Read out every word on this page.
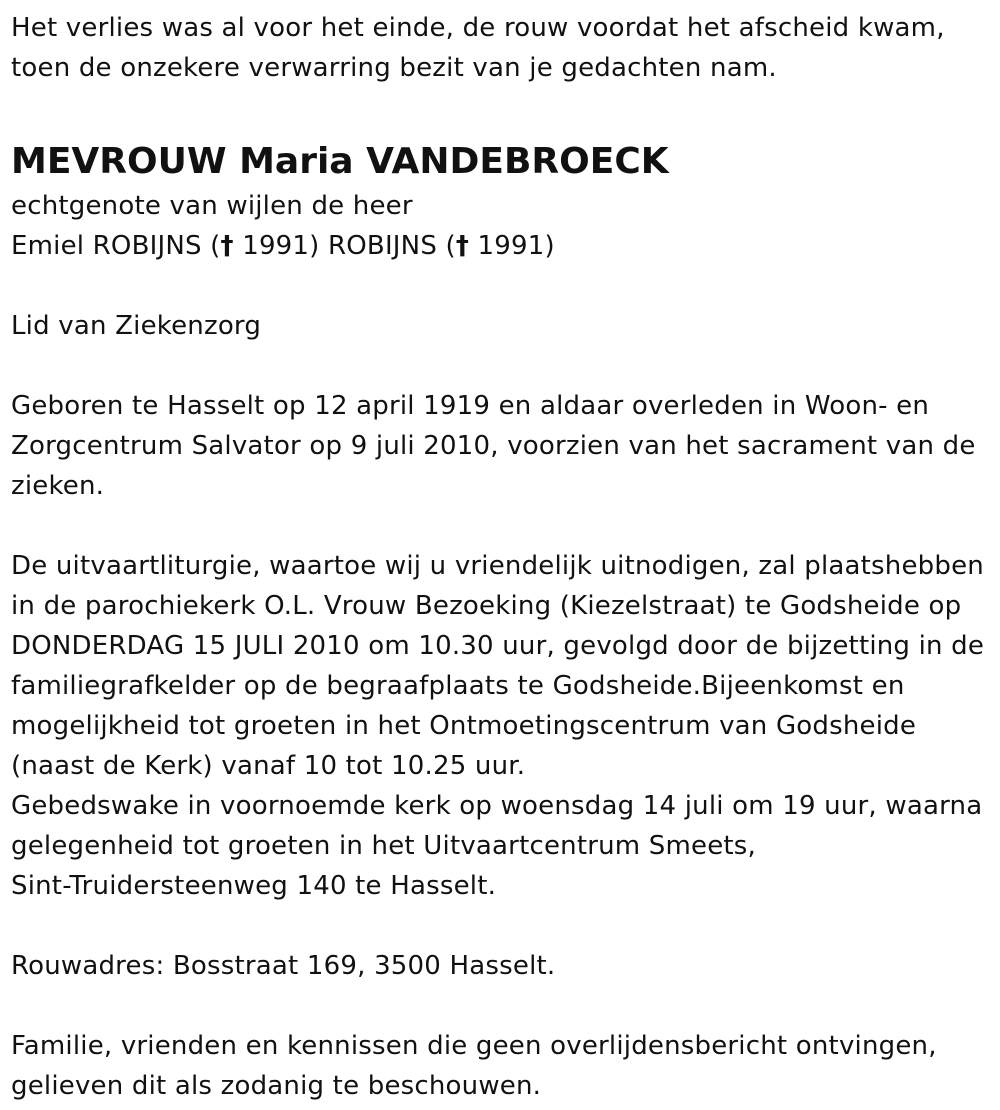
Het verlies was al voor het einde, de rouw voordat het afscheid kwam,
toen de onzekere verwarring bezit van je gedachten nam.
MEVROUW Maria VANDEBROECK
echtgenote van wijlen de heer
Emiel ROBIJNS († 1991) ROBIJNS († 1991)
Lid van Ziekenzorg
Geboren te Hasselt op 12 april 1919 en aldaar overleden in Woon- en
Zorgcentrum Salvator op 9 juli 2010, voorzien van het sacrament van de
zieken.
De uitvaartliturgie, waartoe wij u vriendelijk uitnodigen, zal plaatshebben
in de parochiekerk O.L. Vrouw Bezoeking (Kiezelstraat) te Godsheide op
DONDERDAG 15 JULI 2010 om 10.30 uur, gevolgd door de bijzetting in de
familiegrafkelder op de begraafplaats te Godsheide.Bijeenkomst en
mogelijkheid tot groeten in het Ontmoetingscentrum van Godsheide
(naast de Kerk) vanaf 10 tot 10.25 uur.
Gebedswake in voornoemde kerk op woensdag 14 juli om 19 uur, waarna
gelegenheid tot groeten in het Uitvaartcentrum Smeets,
Sint-Truidersteenweg 140 te Hasselt.
Rouwadres: Bosstraat 169, 3500 Hasselt.
Familie, vrienden en kennissen die geen overlijdensbericht ontvingen,
gelieven dit als zodanig te beschouwen.
